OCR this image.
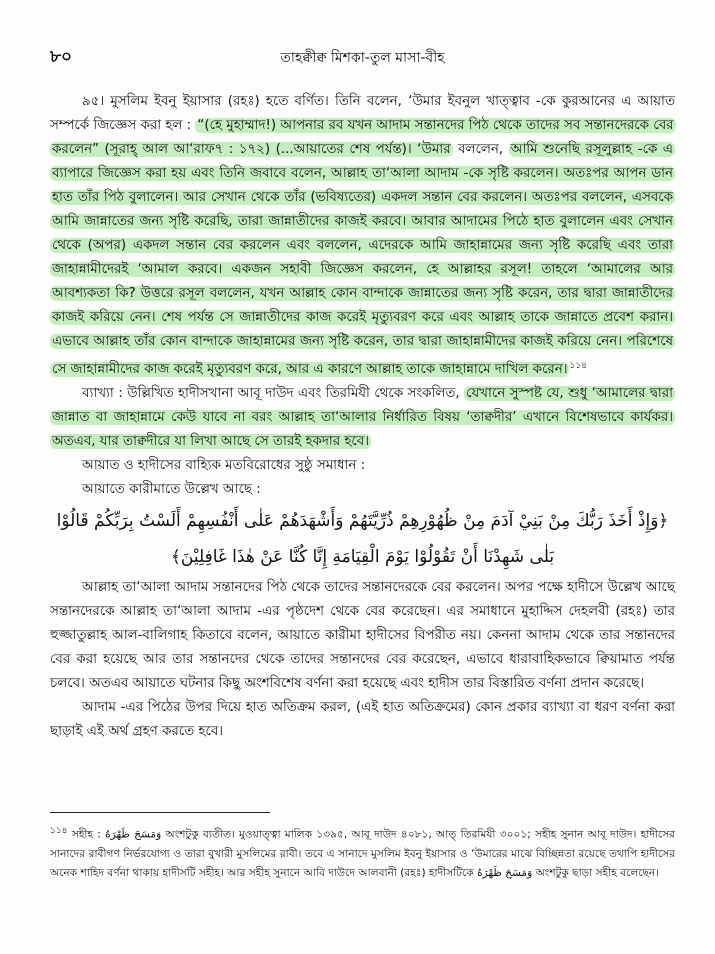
৮০	তাহক্বীক্ব মিশকা-তুল মাসা-বীহ

৯৫। মুসলিম ইবনু ইয়াসার (রহঃ) হতে বর্ণিত। তিনি বলেন, ‘উমার ইবনুল খাত্ত্বাব -কে কুরআনের এ আয়াত সম্পর্কে জিজ্ঞেস করা হল : “(হে মুহাম্মাদ!) আপনার রব যখন আদাম সন্তানদের পিঠ থেকে তাদের সব সন্তানদেরকে বের করলেন” (সূরাহ্‌ আল আ‘রাফ৭ : ১৭২) (...আয়াতের শেষ পর্যন্ত)। ‘উমার বললেন, আমি শুনেছি রসূলুল্লাহ -কে এ ব্যাপারে জিজ্ঞেস করা হয় এবং তিনি জবাবে বলেন, আল্লাহ তা‘আলা আদাম -কে সৃষ্টি করলেন। অতঃপর আপন ডান হাত তাঁর পিঠ বুলালেন। আর সেখান থেকে তাঁর (ভবিষ্যতের) একদল সন্তান বের করলেন। অতঃপর বললেন, এসবকে আমি জান্নাতের জন্য সৃষ্টি করেছি, তারা জান্নাতীদের কাজই করবে। আবার আদামের পিঠে হাত বুলালেন এবং সেখান থেকে (অপর) একদল সন্তান বের করলেন এবং বললেন, এদেরকে আমি জাহান্নামের জন্য সৃষ্টি করেছি এবং তারা জাহান্নামীদেরই ‘আমাল করবে। একজন সহাবী জিজ্ঞেস করলেন, হে আল্লাহর রসূল! তাহলে ‘আমালের আর আবশ্যকতা কি? উত্তরে রসূল বললেন, যখন আল্লাহ কোন বান্দাকে জান্নাতের জন্য সৃষ্টি করেন, তার দ্বারা জান্নাতীদের কাজই করিয়ে নেন। শেষ পর্যন্ত সে জান্নাতীদের কাজ করেই মৃত্যুবরণ করে এবং আল্লাহ তাকে জান্নাতে প্রবেশ করান। এভাবে আল্লাহ তাঁর কোন বান্দাকে জাহান্নামের জন্য সৃষ্টি করেন, তার দ্বারা জাহান্নামীদের কাজই করিয়ে নেন। পরিশেষে সে জাহান্নামীদের কাজ করেই মৃত্যুবরণ করে, আর এ কারণে আল্লাহ তাকে জাহান্নামে দাখিল করেন। $^{১১৪}$

ব্যাখ্যা : উল্লিখিত হাদীসখানা আবূ দাউদ এবং তিরমিযী থেকে সংকলিত, যেখানে সুস্পষ্ট যে, শুধু ‘আমালের দ্বারা জান্নাত বা জাহান্নামে কেউ যাবে না বরং আল্লাহ তা‘আলার নির্ধারিত বিষয় ‘তাক্বদীর’ এখানে বিশেষভাবে কার্যকর। অতএব, যার তাক্বদীরে যা লিখা আছে সে তারই হকদার হবে।

আয়াত ও হাদীসের বাহ্যিক মতবিরোধের সুষ্ঠু সমাধান :
আয়াতে কারীমাতে উল্লেখ আছে :
﴿وَإِذْ أَخَذَ رَبُّكَ مِنْ بَنِيْ آدَمَ مِنْ ظُهُوْرِهِمْ ذُرِّيَّتَهُمْ وَأَشْهَدَهُمْ عَلٰى أَنْفُسِهِمْ أَلَسْتُ بِرَبِّكُمْ قَالُوْا
بَلٰى شَهِدْنَا أَنْ تَقُوْلُوْا يَوْمَ الْقِيَامَةِ إِنَّا كُنَّا عَنْ هٰذَا غَافِلِيْنَ﴾

আল্লাহ তা‘আলা আদাম সন্তানদের পিঠ থেকে তাদের সন্তানদেরকে বের করলেন। অপর পক্ষে হাদীসে উল্লেখ আছে সন্তানদেরকে আল্লাহ তা‘আলা আদাম -এর পৃষ্ঠদেশ থেকে বের করেছেন। এর সমাধানে মুহাদ্দিস দেহলবী (রহঃ) তার হুজ্জাতুল্লাহ আল-বালিগাহ কিতাবে বলেন, আয়াতে কারীমা হাদীসের বিপরীত নয়। কেননা আদাম থেকে তার সন্তানদের বের করা হয়েছে আর তার সন্তানদের থেকে তাদের সন্তানদের বের করেছেন, এভাবে ধারাবাহিকভাবে ক্বিয়ামাত পর্যন্ত চলবে। অতএব আয়াতে ঘটনার কিছু অংশবিশেষ বর্ণনা করা হয়েছে এবং হাদীস তার বিস্তারিত বর্ণনা প্রদান করেছে।

আদাম -এর পিঠের উপর দিয়ে হাত অতিক্রম করল, (এই হাত অতিক্রমের) কোন প্রকার ব্যাখ্যা বা ধরণ বর্ণনা করা ছাড়াই এই অর্থ গ্রহণ করতে হবে।

$^{১১৪}$ সহীহ : وَمَسَحَ ظَهْرَهُ অংশটুকু ব্যতীত। মুওয়াত্ত্বা মালিক ১৩৯৫, আবূ দাউদ ৪০৮১, আত্‌ তিরমিযী ৩০০১; সহীহ সুনান আবূ দাউদ। হাদীসের সানাদের রাবীগণ নির্ভরযোগ্য ও তারা বুখারী মুসলিমের রাবী। তবে এ সানাদে মুসলিম ইবনু ইয়াসার ও ‘উমারের মাঝে বিচ্ছিন্নতা রয়েছে তথাপি হাদীসের অনেক শাহিদ বর্ণনা থাকায় হাদীসটি সহীহ। আর সহীহ সুনানে আবি দাউদে আলবানী (রহঃ) হাদীসটিকে وَمَسَحَ ظَهْرَهُ অংশটুকু ছাড়া সহীহ বলেছেন।
